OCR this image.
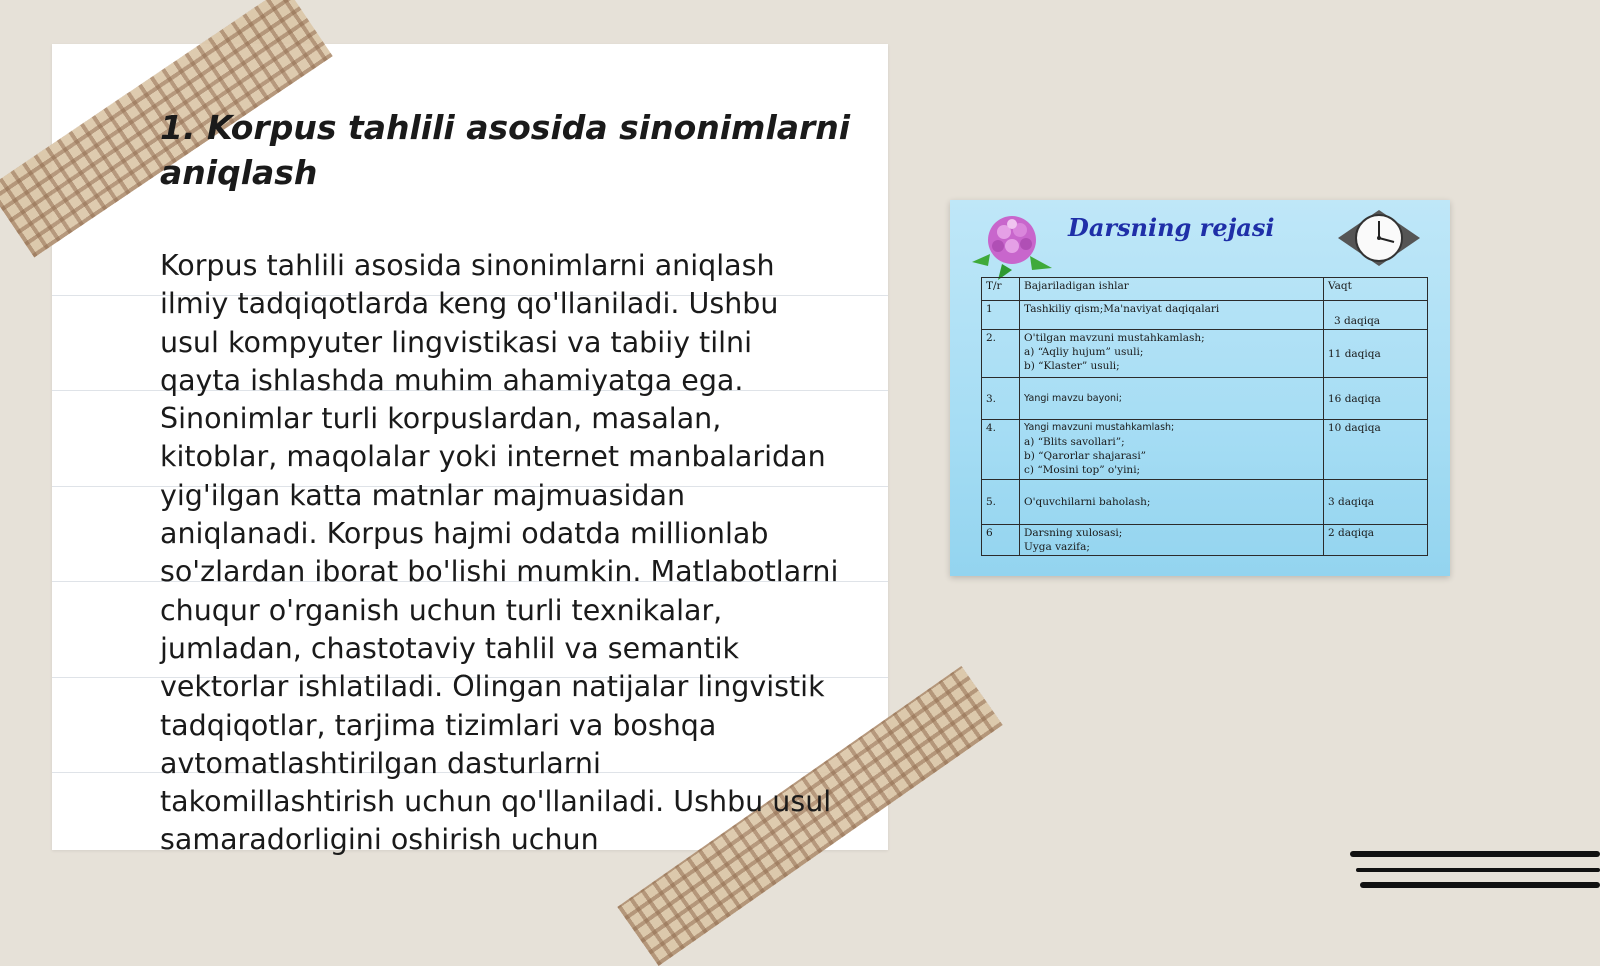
1. Korpus tahlili asosida sinonimlarni aniqlash

Korpus tahlili asosida sinonimlarni aniqlash ilmiy tadqiqotlarda keng qo'llaniladi. Ushbu usul kompyuter lingvistikasi va tabiiy tilni qayta ishlashda muhim ahamiyatga ega. Sinonimlar turli korpuslardan, masalan, kitoblar, maqolalar yoki internet manbalaridan yig'ilgan katta matnlar majmuasidan aniqlanadi. Korpus hajmi odatda millionlab so'zlardan iborat bo'lishi mumkin. Matlabotlarni chuqur o'rganish uchun turli texnikalar, jumladan, chastotaviy tahlil va semantik vektorlar ishlatiladi. Olingan natijalar lingvistik tadqiqotlar, tarjima tizimlari va boshqa avtomatlashtirilgan dasturlarni takomillashtirish uchun qo'llaniladi. Ushbu usul samaradorligini oshirish uchun

Darsning rejasi
T/r	Bajariladigan ishlar	Vaqt
1	Tashkiliy qism;Ma'naviyat daqiqalari	3 daqiqa
2.	O'tilgan mavzuni mustahkamlash;
a) “Aqliy hujum” usuli;
b) “Klaster” usuli;	11 daqiqa
3.	Yangi mavzu bayoni;	16 daqiqa
4.	Yangi mavzuni mustahkamlash;
a) “Blits savollari”;
b) “Qarorlar shajarasi”
c) “Mosini top” o'yini;	10 daqiqa
5.	O'quvchilarni baholash;	3 daqiqa
6	Darsning xulosasi;
Uyga vazifa;	2 daqiqa
